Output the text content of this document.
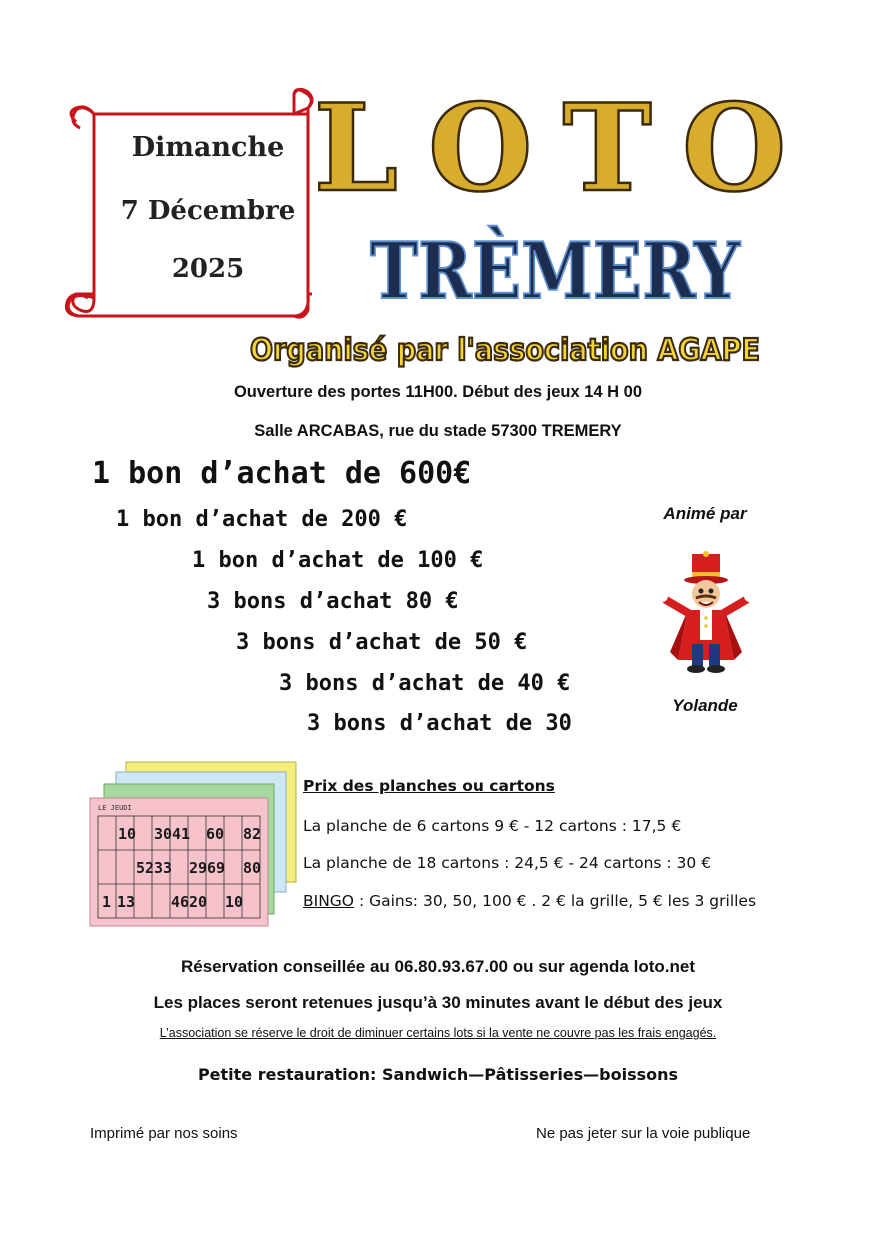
Dimanche
7 Décembre
2025
LOTO
TRÈMERY
Organisé par l'association AGAPE
Ouverture des portes 11H00. Début des jeux 14 H 00
Salle ARCABAS, rue du stade 57300 TREMERY
1 bon d’achat de 600€
1 bon d’achat de 200 €
1 bon d’achat de 100 €
3 bons d’achat 80 €
3 bons d’achat de 50 €
3 bons d’achat de 40 €
3 bons d’achat de 30
Animé par
Yolande
LE JEUDI
10 30 41 60 82
52 33 29 69 80
1 13 46 20 10
Prix des planches ou cartons
La planche de 6 cartons 9 € - 12 cartons : 17,5 €
La planche de 18 cartons : 24,5 € - 24 cartons : 30 €
BINGO : Gains: 30, 50, 100 € . 2 € la grille, 5 € les 3 grilles
Réservation conseillée au 06.80.93.67.00 ou sur agenda loto.net
Les places seront retenues jusqu’à 30 minutes avant le début des jeux
L’association se réserve le droit de diminuer certains lots si la vente ne couvre pas les frais engagés.
Petite restauration: Sandwich—Pâtisseries—boissons
Imprimé par nos soins	Ne pas jeter sur la voie publique
